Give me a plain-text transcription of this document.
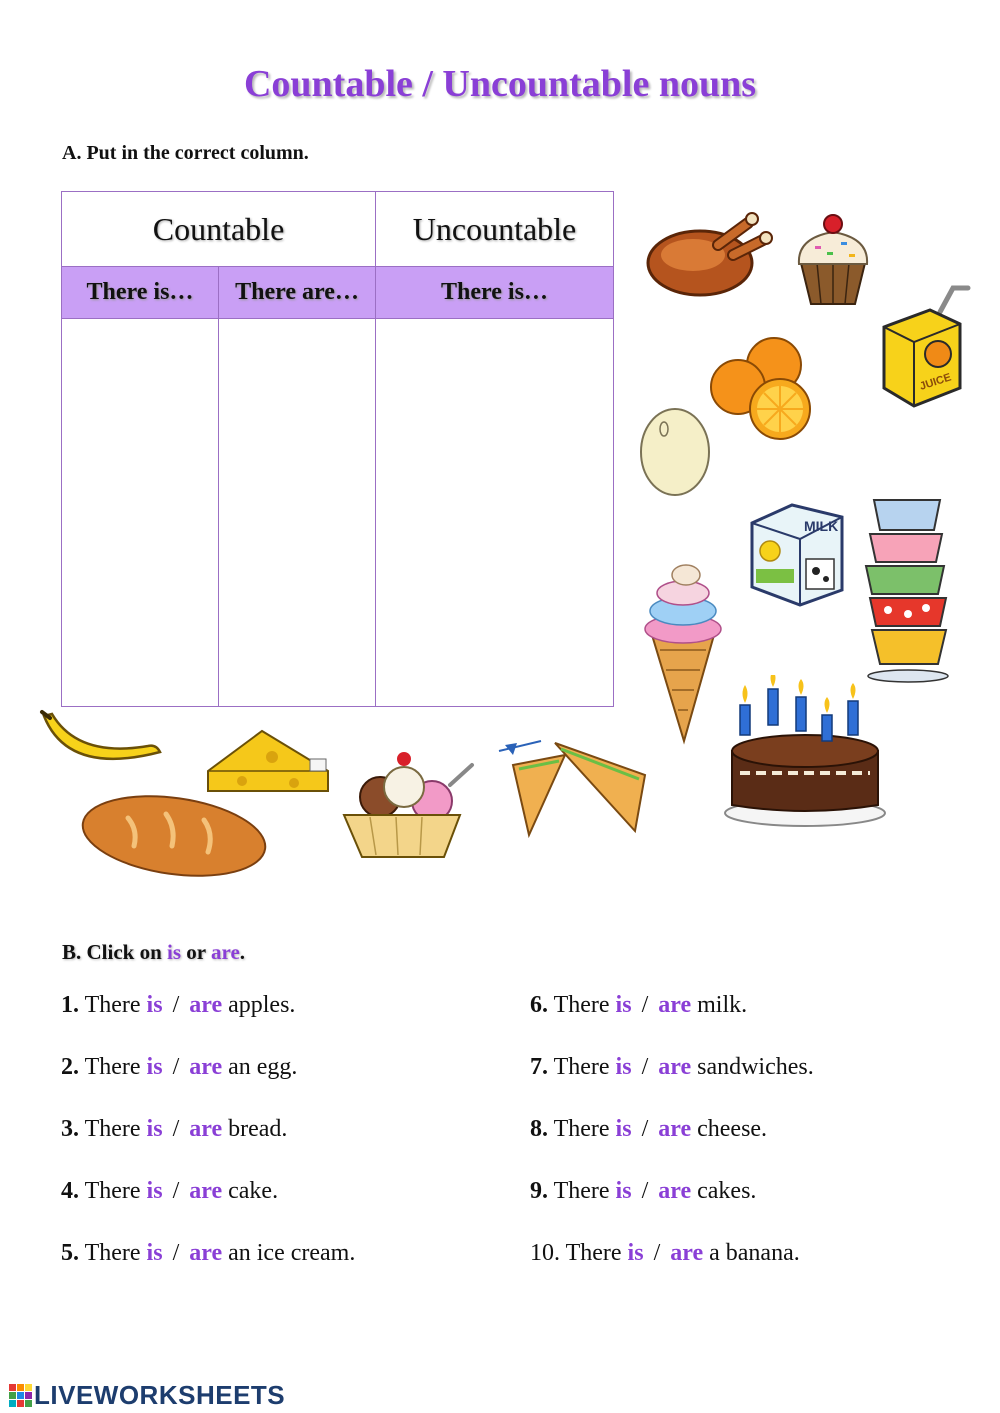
Countable / Uncountable nouns
A. Put in the correct column.
Countable		Uncountable
There is…	There are…	There is…

JUICE
MILK
B. Click on is or are.
1. There is / are apples.
2. There is / are an egg.
3. There is / are bread.
4. There is / are cake.
5. There is / are an ice cream.
6. There is / are milk.
7. There is / are sandwiches.
8. There is / are cheese.
9. There is / are cakes.
10. There is / are a banana.
LIVEWORKSHEETS
